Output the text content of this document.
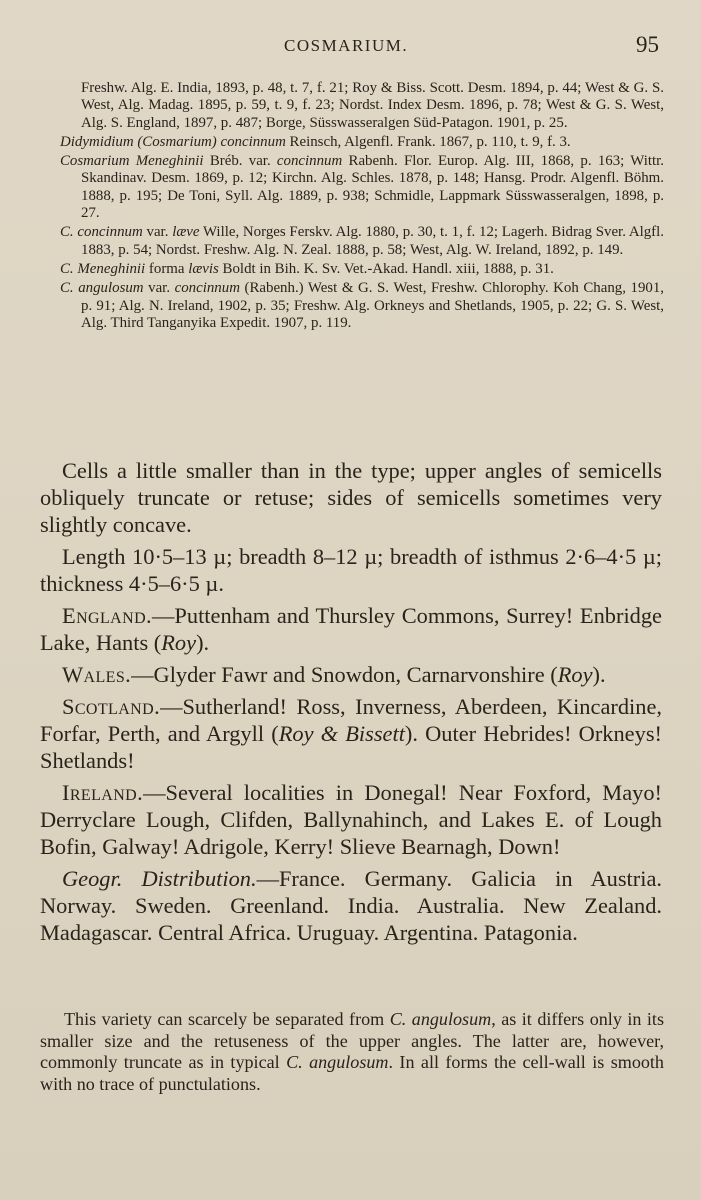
COSMARIUM.	95

Freshw. Alg. E. India, 1893, p. 48, t. 7, f. 21; Roy & Biss. Scott. Desm. 1894, p. 44; West & G. S. West, Alg. Madag. 1895, p. 59, t. 9, f. 23; Nordst. Index Desm. 1896, p. 78; West & G. S. West, Alg. S. England, 1897, p. 487; Borge, Süsswasseralgen Süd-Patagon. 1901, p. 25.

Didymidium (Cosmarium) concinnum Reinsch, Algenfl. Frank. 1867, p. 110, t. 9, f. 3.

Cosmarium Meneghinii Bréb. var. concinnum Rabenh. Flor. Europ. Alg. III, 1868, p. 163; Wittr. Skandinav. Desm. 1869, p. 12; Kirchn. Alg. Schles. 1878, p. 148; Hansg. Prodr. Algenfl. Böhm. 1888, p. 195; De Toni, Syll. Alg. 1889, p. 938; Schmidle, Lappmark Süsswasseralgen, 1898, p. 27.

C. concinnum var. læve Wille, Norges Ferskv. Alg. 1880, p. 30, t. 1, f. 12; Lagerh. Bidrag Sver. Algfl. 1883, p. 54; Nordst. Freshw. Alg. N. Zeal. 1888, p. 58; West, Alg. W. Ireland, 1892, p. 149.

C. Meneghinii forma lævis Boldt in Bih. K. Sv. Vet.-Akad. Handl. xiii, 1888, p. 31.

C. angulosum var. concinnum (Rabenh.) West & G. S. West, Freshw. Chlorophy. Koh Chang, 1901, p. 91; Alg. N. Ireland, 1902, p. 35; Freshw. Alg. Orkneys and Shetlands, 1905, p. 22; G. S. West, Alg. Third Tanganyika Expedit. 1907, p. 119.

Cells a little smaller than in the type; upper angles of semicells obliquely truncate or retuse; sides of semicells sometimes very slightly concave.

Length 10·5–13 µ; breadth 8–12 µ; breadth of isthmus 2·6–4·5 µ; thickness 4·5–6·5 µ.

England.—Puttenham and Thursley Commons, Surrey! Enbridge Lake, Hants (Roy).

Wales.—Glyder Fawr and Snowdon, Carnarvonshire (Roy).

Scotland.—Sutherland! Ross, Inverness, Aberdeen, Kincardine, Forfar, Perth, and Argyll (Roy & Bissett). Outer Hebrides! Orkneys! Shetlands!

Ireland.—Several localities in Donegal! Near Foxford, Mayo! Derryclare Lough, Clifden, Ballynahinch, and Lakes E. of Lough Bofin, Galway! Adrigole, Kerry! Slieve Bearnagh, Down!

Geogr. Distribution.—France. Germany. Galicia in Austria. Norway. Sweden. Greenland. India. Australia. New Zealand. Madagascar. Central Africa. Uruguay. Argentina. Patagonia.

This variety can scarcely be separated from C. angulosum, as it differs only in its smaller size and the retuseness of the upper angles. The latter are, however, commonly truncate as in typical C. angulosum. In all forms the cell-wall is smooth with no trace of punctulations.
